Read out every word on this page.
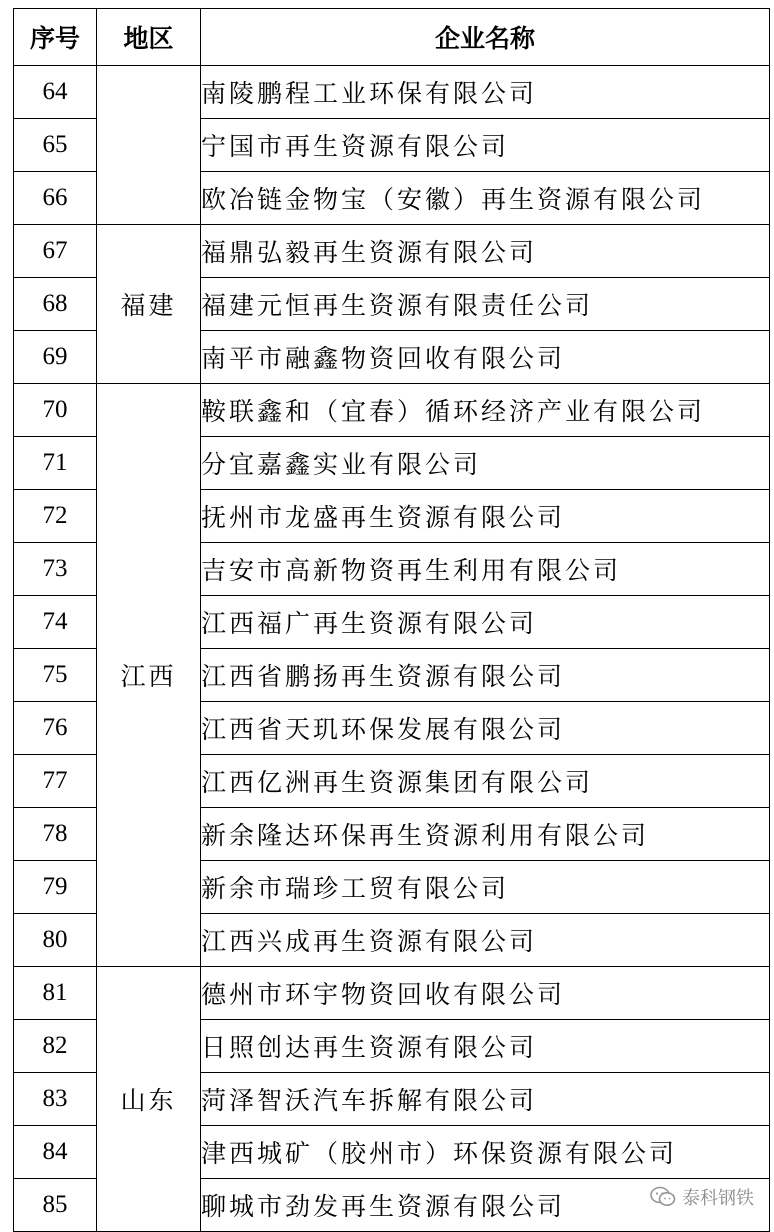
序号	地区	企业名称
64		南陵鹏程工业环保有限公司
65		宁国市再生资源有限公司
66		欧冶链金物宝（安徽）再生资源有限公司
67	福建	福鼎弘毅再生资源有限公司
68		福建元恒再生资源有限责任公司
69		南平市融鑫物资回收有限公司
70	江西	鞍联鑫和（宜春）循环经济产业有限公司
71		分宜嘉鑫实业有限公司
72		抚州市龙盛再生资源有限公司
73		吉安市高新物资再生利用有限公司
74		江西福广再生资源有限公司
75		江西省鹏扬再生资源有限公司
76		江西省天玑环保发展有限公司
77		江西亿洲再生资源集团有限公司
78		新余隆达环保再生资源利用有限公司
79		新余市瑞珍工贸有限公司
80		江西兴成再生资源有限公司
81	山东	德州市环宇物资回收有限公司
82		日照创达再生资源有限公司
83		菏泽智沃汽车拆解有限公司
84		津西城矿（胶州市）环保资源有限公司
85		聊城市劲发再生资源有限公司	泰科钢铁
